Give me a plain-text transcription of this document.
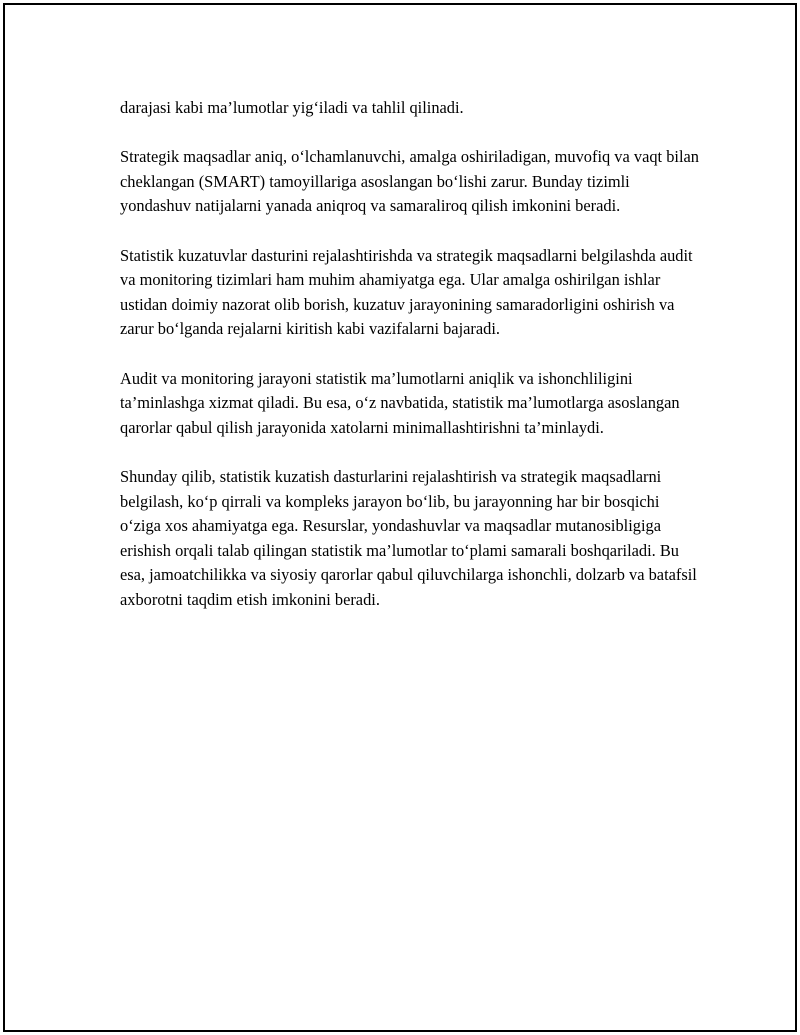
darajasi kabi ma’lumotlar yig‘iladi va tahlil qilinadi.

Strategik maqsadlar aniq, o‘lchamlanuvchi, amalga oshiriladigan, muvofiq va vaqt bilan cheklangan (SMART) tamoyillariga asoslangan bo‘lishi zarur. Bunday tizimli yondashuv natijalarni yanada aniqroq va samaraliroq qilish imkonini beradi.

Statistik kuzatuvlar dasturini rejalashtirishda va strategik maqsadlarni belgilashda audit va monitoring tizimlari ham muhim ahamiyatga ega. Ular amalga oshirilgan ishlar ustidan doimiy nazorat olib borish, kuzatuv jarayonining samaradorligini oshirish va zarur bo‘lganda rejalarni kiritish kabi vazifalarni bajaradi.

Audit va monitoring jarayoni statistik ma’lumotlarni aniqlik va ishonchliligini ta’minlashga xizmat qiladi. Bu esa, o‘z navbatida, statistik ma’lumotlarga asoslangan qarorlar qabul qilish jarayonida xatolarni minimallashtirishni ta’minlaydi.

Shunday qilib, statistik kuzatish dasturlarini rejalashtirish va strategik maqsadlarni belgilash, ko‘p qirrali va kompleks jarayon bo‘lib, bu jarayonning har bir bosqichi o‘ziga xos ahamiyatga ega. Resurslar, yondashuvlar va maqsadlar mutanosibligiga erishish orqali talab qilingan statistik ma’lumotlar to‘plami samarali boshqariladi. Bu esa, jamoatchilikka va siyosiy qarorlar qabul qiluvchilarga ishonchli, dolzarb va batafsil axborotni taqdim etish imkonini beradi.
